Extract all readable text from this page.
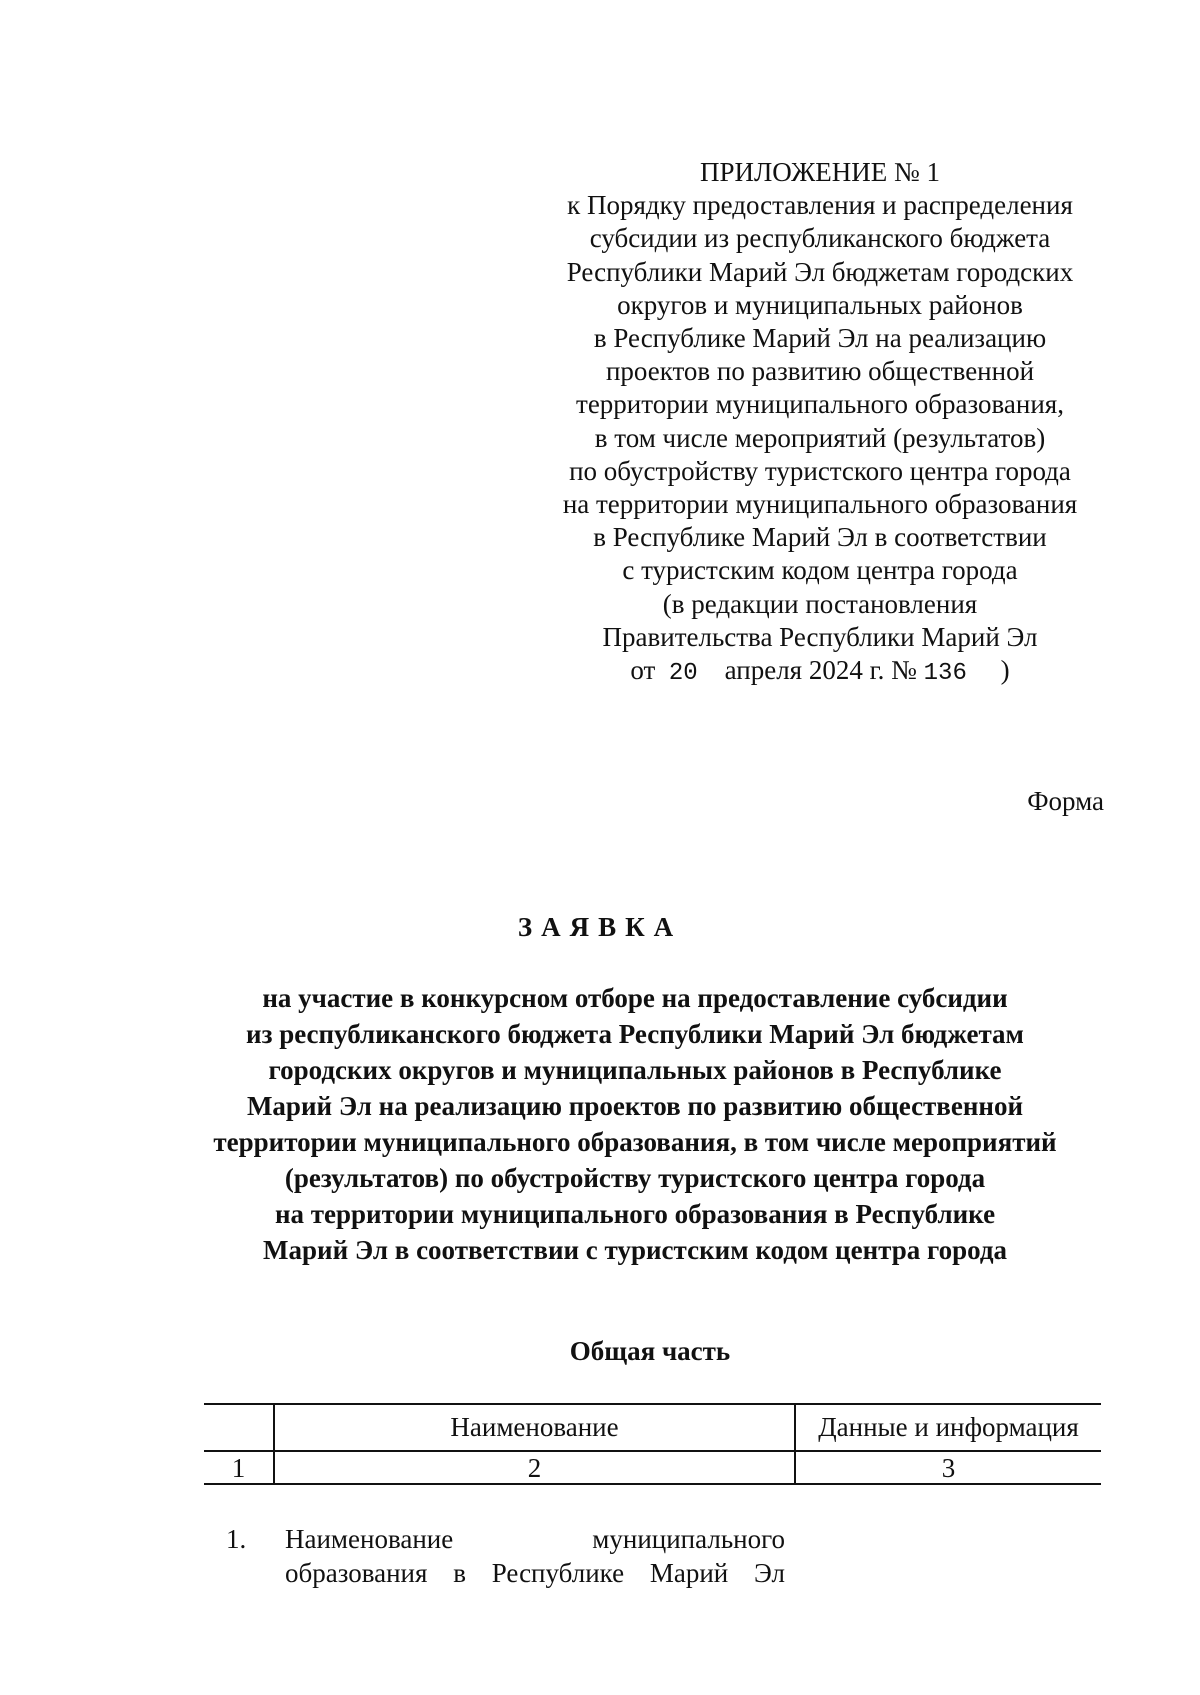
ПРИЛОЖЕНИЕ № 1
к Порядку предоставления и распределения
субсидии из республиканского бюджета
Республики Марий Эл бюджетам городских
округов и муниципальных районов
в Республике Марий Эл на реализацию
проектов по развитию общественной
территории муниципального образования,
в том числе мероприятий (результатов)
по обустройству туристского центра города
на территории муниципального образования
в Республике Марий Эл в соответствии
с туристским кодом центра города
(в редакции постановления
Правительства Республики Марий Эл
от 20 апреля 2024 г. № 136 )
Форма
ЗАЯВКА
на участие в конкурсном отборе на предоставление субсидии
из республиканского бюджета Республики Марий Эл бюджетам
городских округов и муниципальных районов в Республике
Марий Эл на реализацию проектов по развитию общественной
территории муниципального образования, в том числе мероприятий
(результатов) по обустройству туристского центра города
на территории муниципального образования в Республике
Марий Эл в соответствии с туристским кодом центра города
Общая часть
	Наименование	Данные и информация
1	2	3
1. Наименование муниципального
образования в Республике Марий Эл
